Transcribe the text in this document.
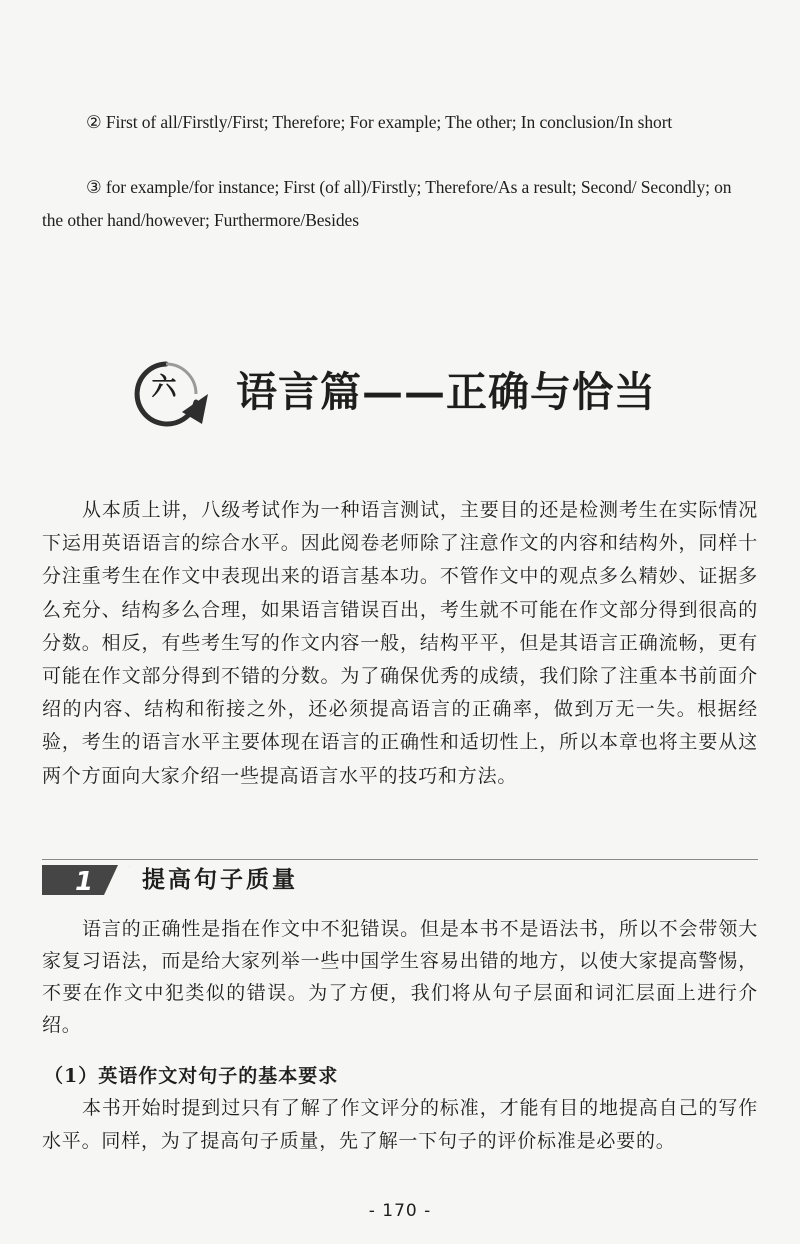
② First of all/Firstly/First; Therefore; For example; The other; In conclusion/In short

③ for example/for instance; First (of all)/Firstly; Therefore/As a result; Second/ Secondly; on the other hand/however; Furthermore/Besides

六 语言篇——正确与恰当

从本质上讲，八级考试作为一种语言测试，主要目的还是检测考生在实际情况下运用英语语言的综合水平。因此阅卷老师除了注意作文的内容和结构外，同样十分注重考生在作文中表现出来的语言基本功。不管作文中的观点多么精妙、证据多么充分、结构多么合理，如果语言错误百出，考生就不可能在作文部分得到很高的分数。相反，有些考生写的作文内容一般，结构平平，但是其语言正确流畅，更有可能在作文部分得到不错的分数。为了确保优秀的成绩，我们除了注重本书前面介绍的内容、结构和衔接之外，还必须提高语言的正确率，做到万无一失。根据经验，考生的语言水平主要体现在语言的正确性和适切性上，所以本章也将主要从这两个方面向大家介绍一些提高语言水平的技巧和方法。

1 提高句子质量

语言的正确性是指在作文中不犯错误。但是本书不是语法书，所以不会带领大家复习语法，而是给大家列举一些中国学生容易出错的地方，以使大家提高警惕，不要在作文中犯类似的错误。为了方便，我们将从句子层面和词汇层面上进行介绍。

（1）英语作文对句子的基本要求

本书开始时提到过只有了解了作文评分的标准，才能有目的地提高自己的写作水平。同样，为了提高句子质量，先了解一下句子的评价标准是必要的。

- 170 -
